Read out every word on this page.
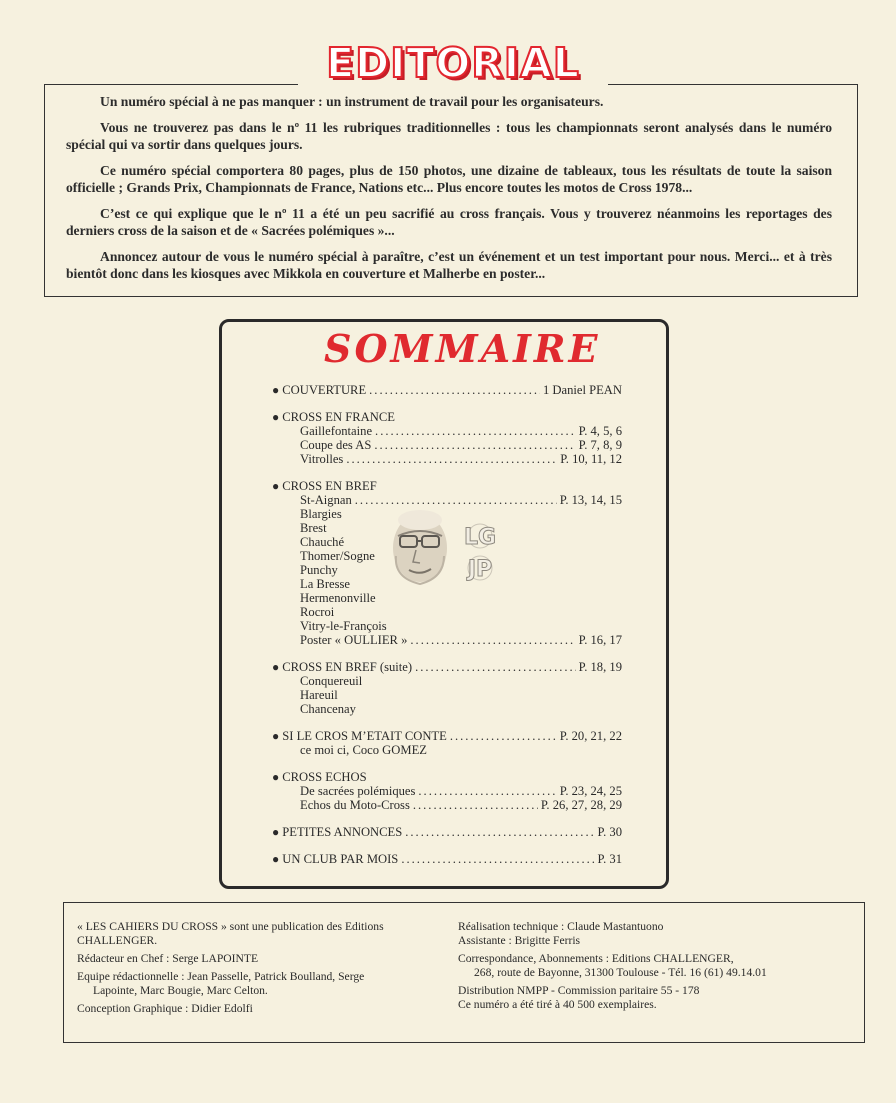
EDITORIAL

Un numéro spécial à ne pas manquer : un instrument de travail pour les organisateurs.

Vous ne trouverez pas dans le nº 11 les rubriques traditionnelles : tous les championnats seront analysés dans le numéro spécial qui va sortir dans quelques jours.

Ce numéro spécial comportera 80 pages, plus de 150 photos, une dizaine de tableaux, tous les résultats de toute la saison officielle ; Grands Prix, Championnats de France, Nations etc... Plus encore toutes les motos de Cross 1978...

C’est ce qui explique que le nº 11 a été un peu sacrifié au cross français. Vous y trouverez néanmoins les reportages des derniers cross de la saison et de « Sacrées polémiques »...

Annoncez autour de vous le numéro spécial à paraître, c’est un événement et un test important pour nous. Merci... et à très bientôt donc dans les kiosques avec Mikkola en couverture et Malherbe en poster...

SOMMAIRE
● COUVERTURE .....	1 Daniel PEAN
● CROSS EN FRANCE
Gaillefontaine .....	P. 4, 5, 6
Coupe des AS .....	P. 7, 8, 9
Vitrolles .....	P. 10, 11, 12
● CROSS EN BREF
St-Aignan .....	P. 13, 14, 15
Blargies
Brest
Chauché
Thomer/Sogne
Punchy
La Bresse
Hermenonville
Rocroi
Vitry-le-François
Poster « OULLIER » .....	P. 16, 17
● CROSS EN BREF (suite) .....	P. 18, 19
Conquereuil
Hareuil
Chancenay
● SI LE CROS M’ETAIT CONTE .....	P. 20, 21, 22
ce moi ci, Coco GOMEZ
● CROSS ECHOS
De sacrées polémiques .....	P. 23, 24, 25
Echos du Moto-Cross .....	P. 26, 27, 28, 29
● PETITES ANNONCES .....	P. 30
● UN CLUB PAR MOIS .....	P. 31
LG
JP

« LES CAHIERS DU CROSS » sont une publication des Editions CHALLENGER.

Rédacteur en Chef : Serge LAPOINTE

Equipe rédactionnelle : Jean Passelle, Patrick Boulland, Serge

Lapointe, Marc Bougie, Marc Celton.

Conception Graphique : Didier Edolfi

Réalisation technique : Claude Mastantuono

Assistante : Brigitte Ferris

Correspondance, Abonnements : Editions CHALLENGER,

268, route de Bayonne, 31300 Toulouse - Tél. 16 (61) 49.14.01

Distribution NMPP - Commission paritaire 55 - 178

Ce numéro a été tiré à 40 500 exemplaires.
